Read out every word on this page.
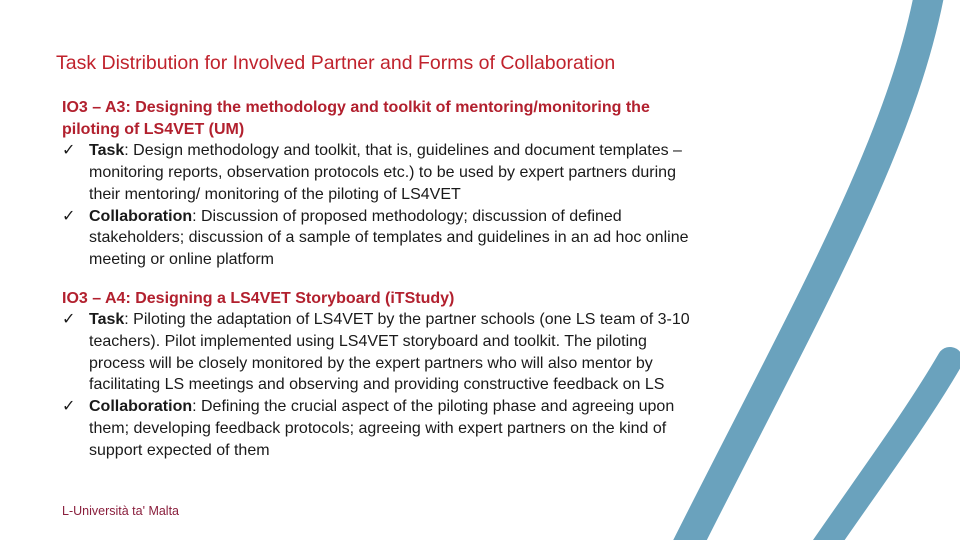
Task Distribution for Involved Partner and Forms of Collaboration
IO3 – A3: Designing the methodology and toolkit of mentoring/monitoring the piloting of LS4VET (UM)
✓ Task: Design methodology and toolkit, that is, guidelines and document templates – monitoring reports, observation protocols etc.) to be used by expert partners during their mentoring/ monitoring of the piloting of LS4VET
✓ Collaboration: Discussion of proposed methodology; discussion of defined stakeholders; discussion of a sample of templates and guidelines in an ad hoc online meeting or online platform
IO3 – A4: Designing a LS4VET Storyboard (iTStudy)
✓ Task: Piloting the adaptation of LS4VET by the partner schools (one LS team of 3-10 teachers). Pilot implemented using LS4VET storyboard and toolkit. The piloting process will be closely monitored by the expert partners who will also mentor by facilitating LS meetings and observing and providing constructive feedback on LS
✓ Collaboration: Defining the crucial aspect of the piloting phase and agreeing upon them; developing feedback protocols; agreeing with expert partners on the kind of support expected of them
L-Università ta' Malta
